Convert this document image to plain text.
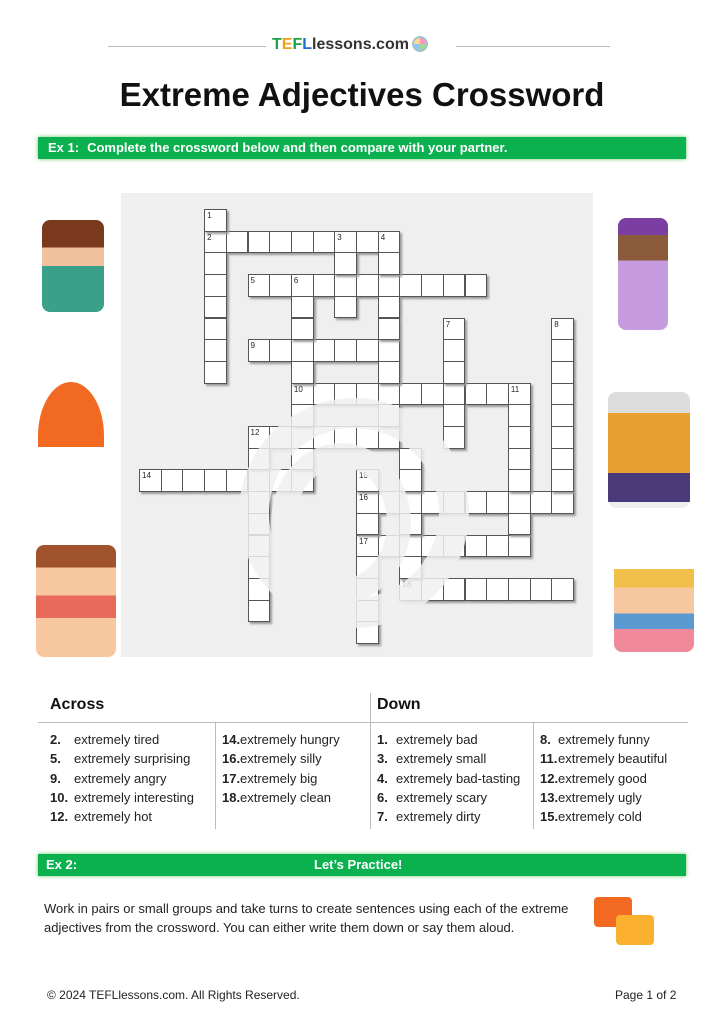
TEFLlessons.com
Extreme Adjectives Crossword
Ex 1: Complete the crossword below and then compare with your partner.
2	3	4
5	6
9
10	11
12
14
16
17
18
1
7	8
15
Across	Down
2. extremely tired
5. extremely surprising
9. extremely angry
10. extremely interesting
12. extremely hot
14.extremely hungry
16.extremely silly
17.extremely big
18.extremely clean
1. extremely bad
3. extremely small
4. extremely bad-tasting
6. extremely scary
7. extremely dirty
8. extremely funny
11.extremely beautiful
12.extremely good
13.extremely ugly
15.extremely cold
Ex 2:	Let’s Practice!

Work in pairs or small groups and take turns to create sentences using each of the extreme adjectives from the crossword. You can either write them down or say them aloud.

© 2024 TEFLlessons.com. All Rights Reserved.	Page 1 of 2
